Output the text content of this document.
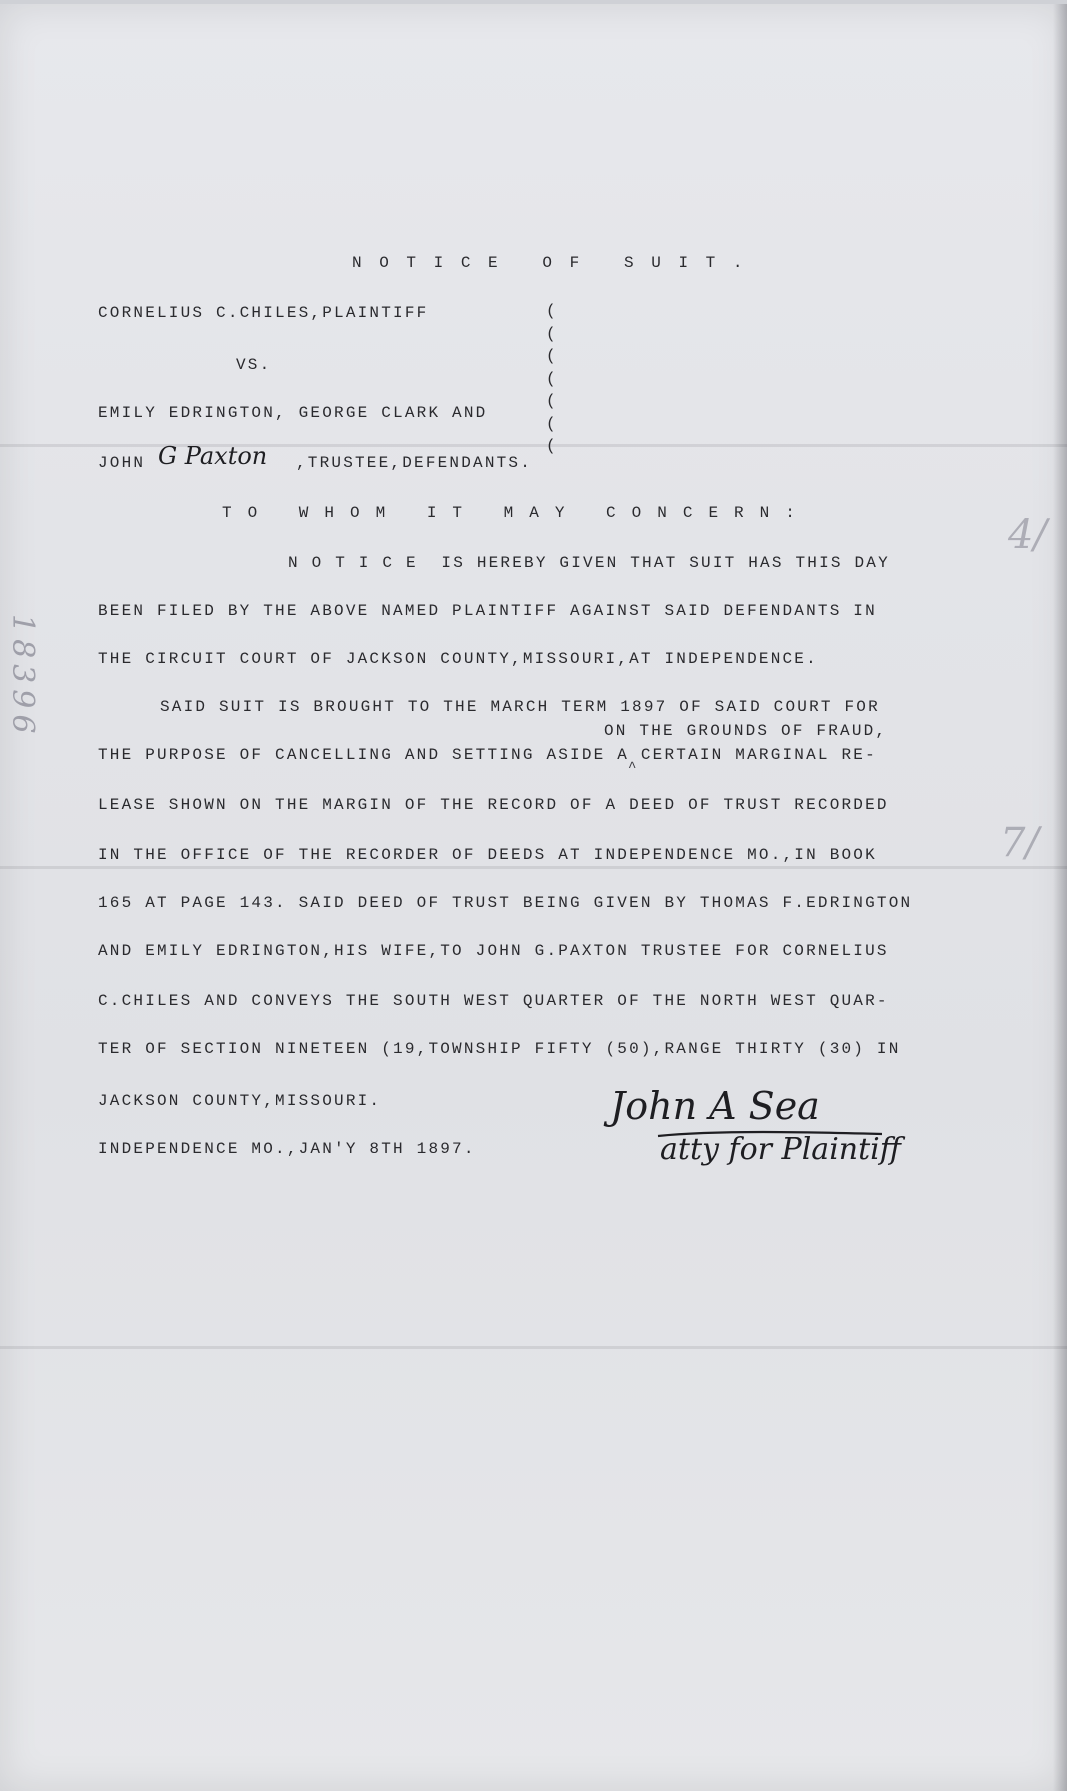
N O T I C E   O F   S U I T .
CORNELIUS C.CHILES,PLAINTIFF
VS.
EMILY EDRINGTON, GEORGE CLARK AND
JOHN G Paxton ,TRUSTEE,DEFENDANTS.
(
(
(
(
(
(
(
T O   W H O M   I T   M A Y   C O N C E R N :
N O T I C E  IS HEREBY GIVEN THAT SUIT HAS THIS DAY
BEEN FILED BY THE ABOVE NAMED PLAINTIFF AGAINST SAID DEFENDANTS IN
THE CIRCUIT COURT OF JACKSON COUNTY,MISSOURI,AT INDEPENDENCE.
SAID SUIT IS BROUGHT TO THE MARCH TERM 1897 OF SAID COURT FOR
ON THE GROUNDS OF FRAUD,
THE PURPOSE OF CANCELLING AND SETTING ASIDE A CERTAIN MARGINAL RE-
^
LEASE SHOWN ON THE MARGIN OF THE RECORD OF A DEED OF TRUST RECORDED
IN THE OFFICE OF THE RECORDER OF DEEDS AT INDEPENDENCE MO.,IN BOOK
165 AT PAGE 143. SAID DEED OF TRUST BEING GIVEN BY THOMAS F.EDRINGTON
AND EMILY EDRINGTON,HIS WIFE,TO JOHN G.PAXTON TRUSTEE FOR CORNELIUS
C.CHILES AND CONVEYS THE SOUTH WEST QUARTER OF THE NORTH WEST QUAR-
TER OF SECTION NINETEEN (19,TOWNSHIP FIFTY (50),RANGE THIRTY (30) IN
JACKSON COUNTY,MISSOURI.
INDEPENDENCE MO.,JAN'Y 8TH 1897.
John A Sea
atty for Plaintiff
18396
4/
7/
